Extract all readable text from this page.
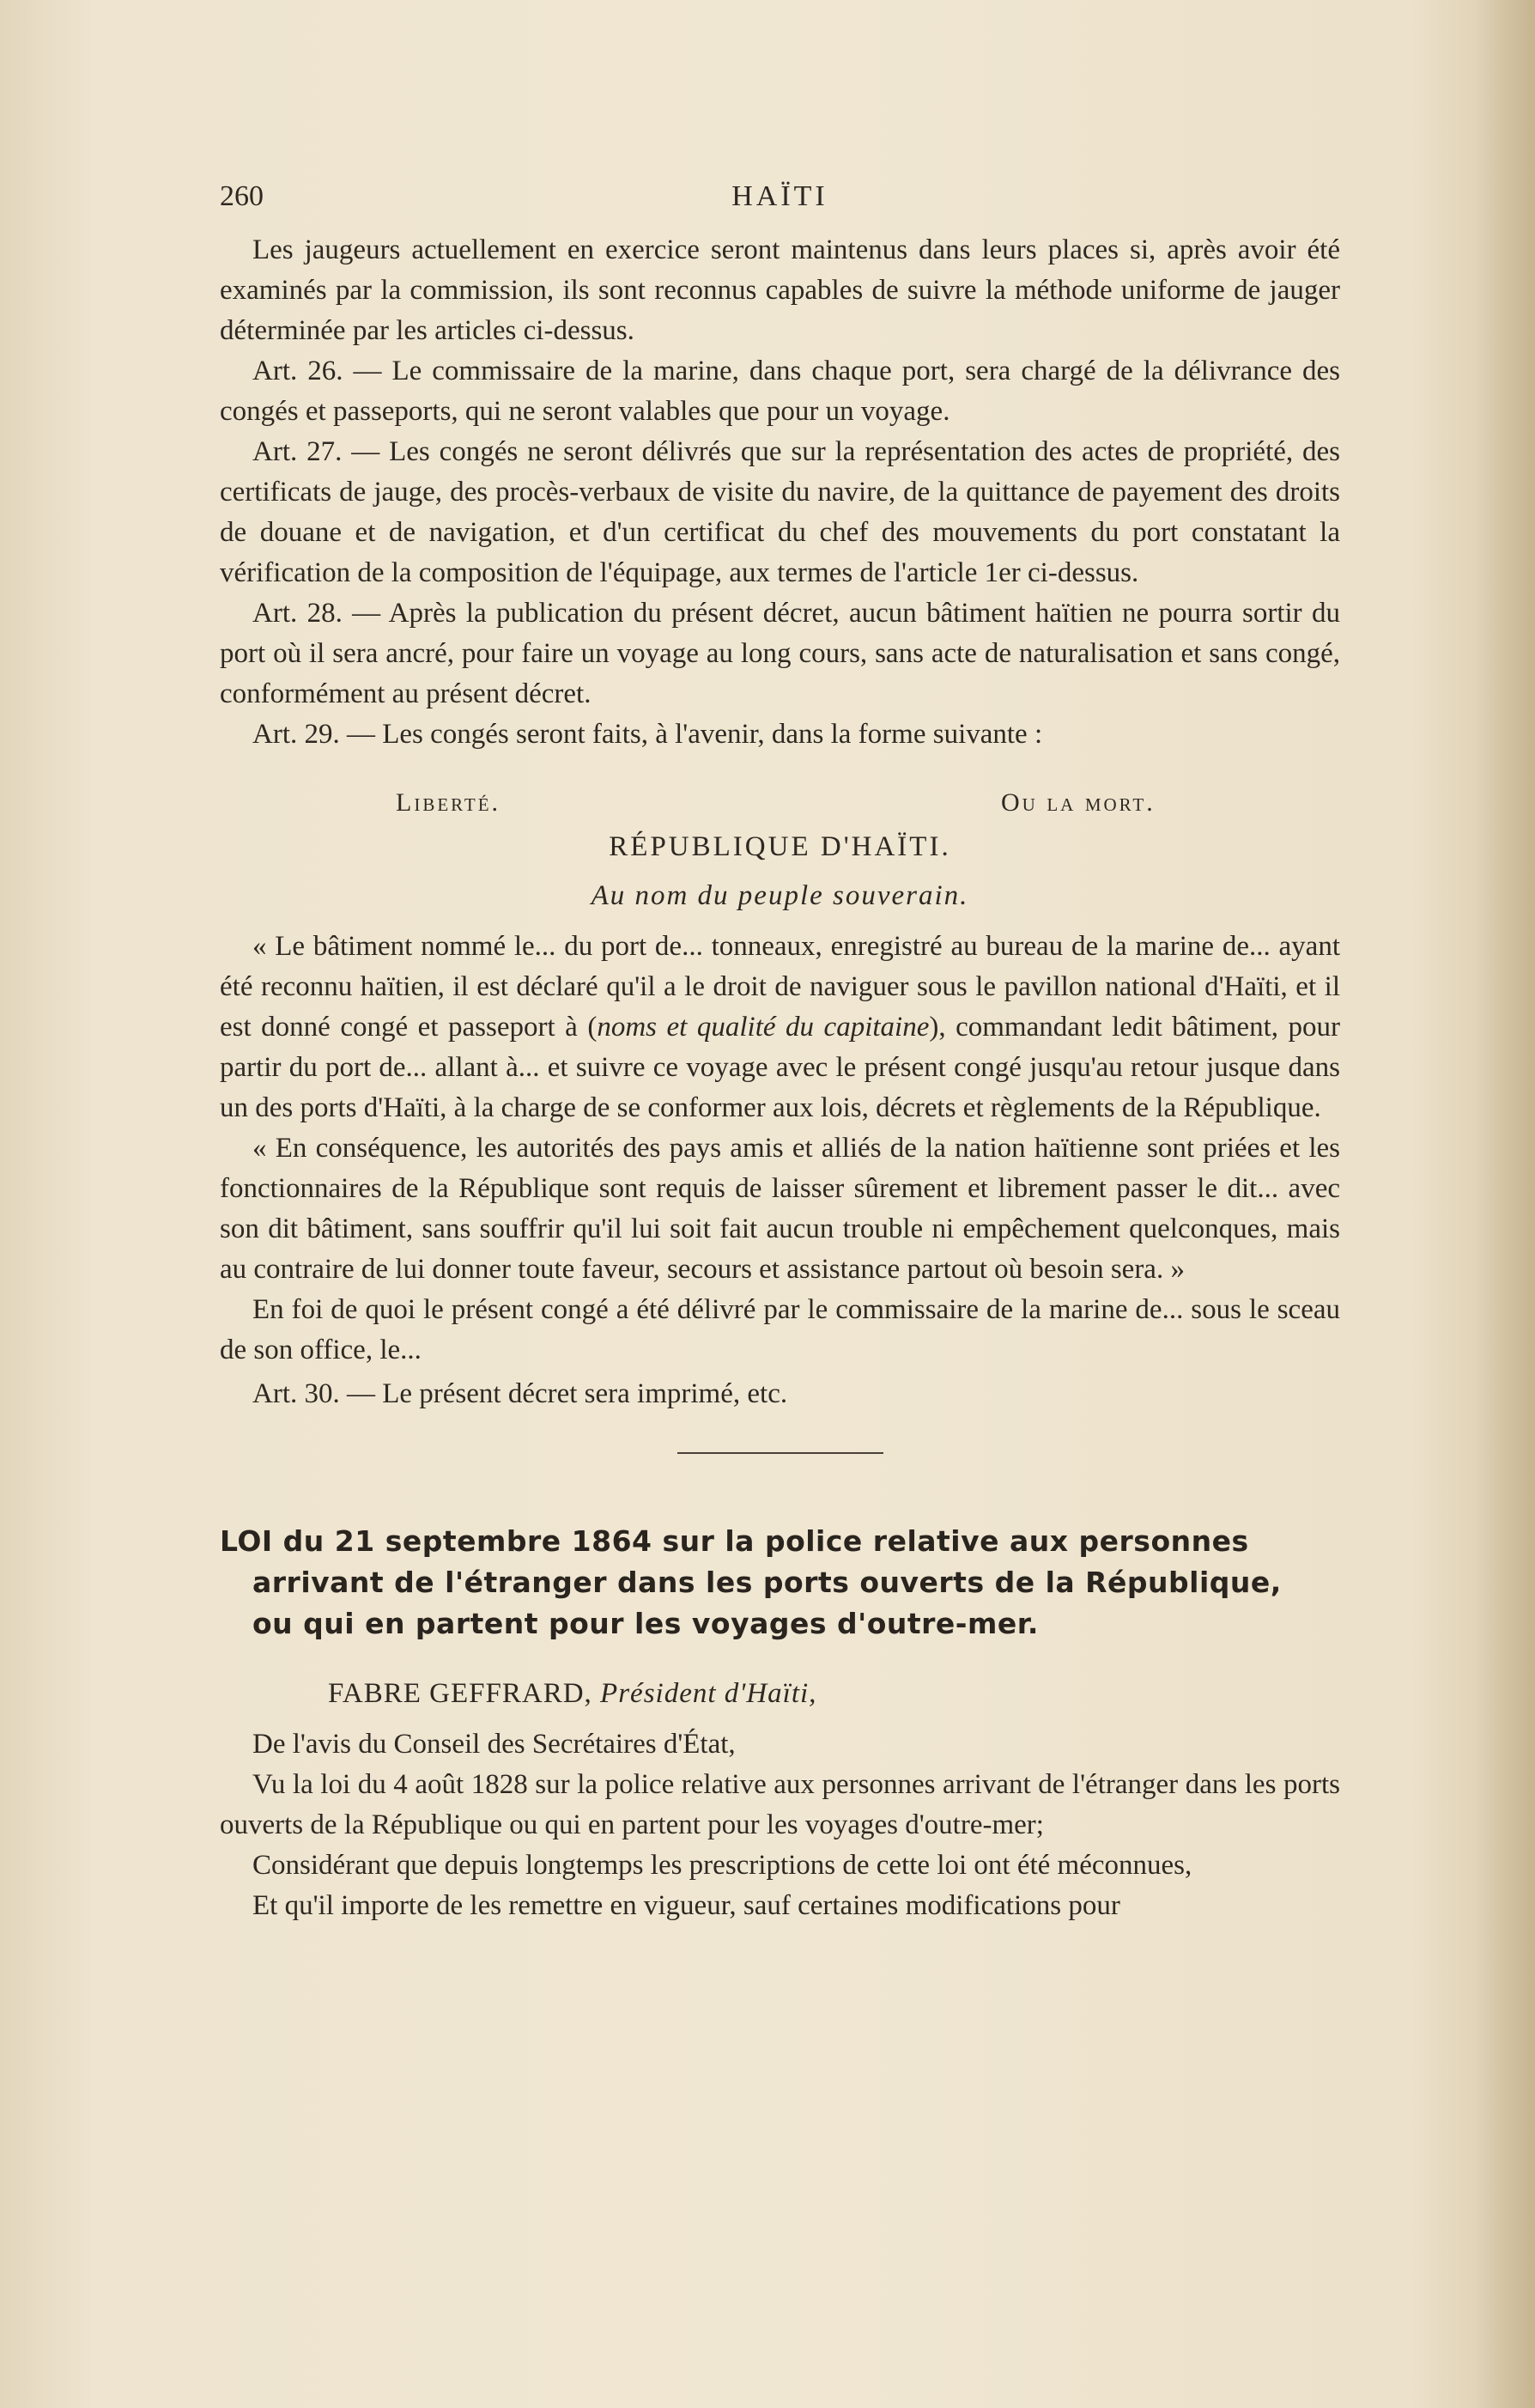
260	HAÏTI

Les jaugeurs actuellement en exercice seront maintenus dans leurs places si, après avoir été examinés par la commission, ils sont reconnus capables de suivre la méthode uniforme de jauger déterminée par les articles ci-dessus.

Art. 26. — Le commissaire de la marine, dans chaque port, sera chargé de la délivrance des congés et passeports, qui ne seront valables que pour un voyage.

Art. 27. — Les congés ne seront délivrés que sur la représentation des actes de propriété, des certificats de jauge, des procès-verbaux de visite du navire, de la quittance de payement des droits de douane et de navigation, et d'un certificat du chef des mouvements du port constatant la vérification de la composition de l'équipage, aux termes de l'article 1er ci-dessus.

Art. 28. — Après la publication du présent décret, aucun bâtiment haïtien ne pourra sortir du port où il sera ancré, pour faire un voyage au long cours, sans acte de naturalisation et sans congé, conformément au présent décret.

Art. 29. — Les congés seront faits, à l'avenir, dans la forme suivante :

Liberté.	Ou la mort.

RÉPUBLIQUE D'HAÏTI.

Au nom du peuple souverain.

« Le bâtiment nommé le... du port de... tonneaux, enregistré au bureau de la marine de... ayant été reconnu haïtien, il est déclaré qu'il a le droit de naviguer sous le pavillon national d'Haïti, et il est donné congé et passeport à (noms et qualité du capitaine), commandant ledit bâtiment, pour partir du port de... allant à... et suivre ce voyage avec le présent congé jusqu'au retour jusque dans un des ports d'Haïti, à la charge de se conformer aux lois, décrets et règlements de la République.

« En conséquence, les autorités des pays amis et alliés de la nation haïtienne sont priées et les fonctionnaires de la République sont requis de laisser sûrement et librement passer le dit... avec son dit bâtiment, sans souffrir qu'il lui soit fait aucun trouble ni empêchement quelconques, mais au contraire de lui donner toute faveur, secours et assistance partout où besoin sera. »

En foi de quoi le présent congé a été délivré par le commissaire de la marine de... sous le sceau de son office, le...

Art. 30. — Le présent décret sera imprimé, etc.

LOI du 21 septembre 1864 sur la police relative aux personnes
arrivant de l'étranger dans les ports ouverts de la République,
ou qui en partent pour les voyages d'outre-mer.

FABRE GEFFRARD, Président d'Haïti,

De l'avis du Conseil des Secrétaires d'État,

Vu la loi du 4 août 1828 sur la police relative aux personnes arrivant de l'étranger dans les ports ouverts de la République ou qui en partent pour les voyages d'outre-mer;

Considérant que depuis longtemps les prescriptions de cette loi ont été méconnues,

Et qu'il importe de les remettre en vigueur, sauf certaines modifications pour
